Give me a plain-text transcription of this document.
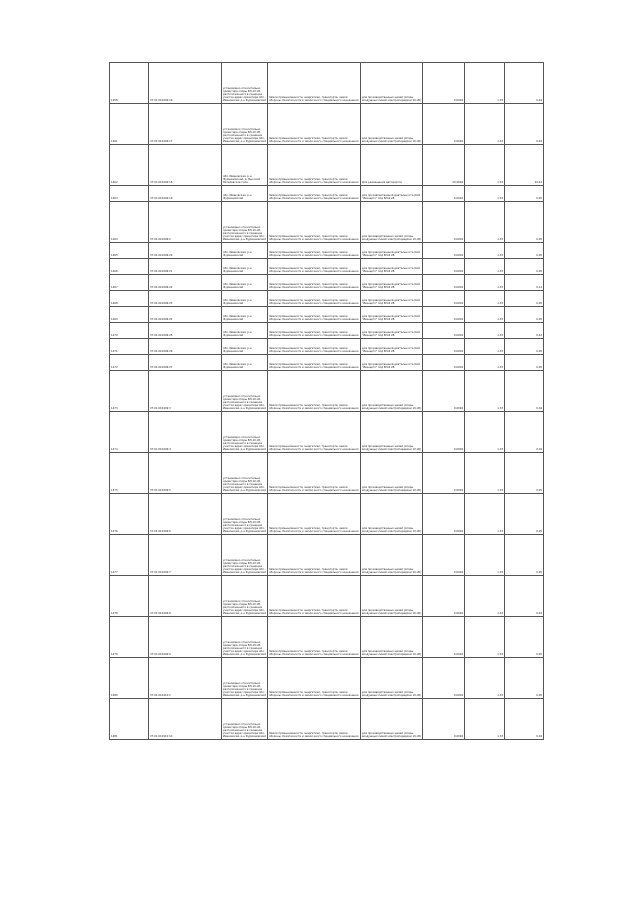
1458	37:01:010409:16	установлено относительно ориентира опоры ВЛ-10 кВ, расположенного в границах участка адрес ориентира обл. Ивановская, р-н Фурмановский	Земли промышленности, энергетики, транспорта, земли обороны, безопасности и земли иного специального назначения	для производственных целей (опоры воздушных линий электропередачи 10 кВ)	0,0004	1,33	0,04
1461	37:01:010409:17	установлено относительно ориентира опоры ВЛ-10 кВ, расположенного в границах участка адрес ориентира обл. Ивановская, р-н Фурмановский	Земли промышленности, энергетики, транспорта, земли обороны, безопасности и земли иного специального назначения	для производственных целей (опоры воздушных линий электропередачи 10 кВ)	0,0004	1,33	0,04
1462	37:01:010409:18	обл. Ивановская, р-н Фурмановский, д. Высокий Яковлевское поле	Земли промышленности, энергетики, транспорта, земли обороны, безопасности и земли иного специального назначения	Для размещения автодороги	20,4694	1,33	20,44
1463	37:01:010409:19	обл. Ивановская, р-н Фурмановский	Земли промышленности, энергетики, транспорта, земли обороны, безопасности и земли иного специального назначения	для производственной деятельности ОАО "Ивэнерго" под ВЛ-6 кВ	0,0004	1,33	0,05
1464	37:01:010409:2	установлено относительно ориентира опоры ВЛ-10 кВ, расположенного в границах участка адрес ориентира обл. Ивановская, р-н Фурмановский	Земли промышленности, энергетики, транспорта, земли обороны, безопасности и земли иного специального назначения	для производственных целей (опоры воздушных линий электропередачи 10 кВ)	0,0004	1,33	0,05
1465	37:01:010409:20	обл. Ивановская, р-н Фурмановский	Земли промышленности, энергетики, транспорта, земли обороны, безопасности и земли иного специального назначения	для производственной деятельности ОАО "Ивэнерго" под ВЛ-6 кВ	0,0004	1,33	0,05
1466	37:01:010409:21	обл. Ивановская, р-н Фурмановский	Земли промышленности, энергетики, транспорта, земли обороны, безопасности и земли иного специального назначения	для производственной деятельности ОАО "Ивэнерго" под ВЛ-6 кВ	0,0004	1,33	0,05
1467	37:01:010409:22	обл. Ивановская, р-н Фурмановский	Земли промышленности, энергетики, транспорта, земли обороны, безопасности и земли иного специального назначения	для производственной деятельности ОАО "Ивэнерго" под ВЛ-6 кВ	0,0004	1,33	0,14
1468	37:01:010409:23	обл. Ивановская, р-н Фурмановский	Земли промышленности, энергетики, транспорта, земли обороны, безопасности и земли иного специального назначения	для производственной деятельности ОАО "Ивэнерго" под ВЛ-6 кВ	0,0004	1,33	0,05
1469	37:01:010409:24	обл. Ивановская, р-н Фурмановский	Земли промышленности, энергетики, транспорта, земли обороны, безопасности и земли иного специального назначения	для производственной деятельности ОАО "Ивэнерго" под ВЛ-6 кВ	0,0004	1,33	0,05
1470	37:01:010409:25	обл. Ивановская, р-н Фурмановский	Земли промышленности, энергетики, транспорта, земли обороны, безопасности и земли иного специального назначения	для производственной деятельности ОАО "Ивэнерго" под ВЛ-6 кВ	0,0004	1,33	0,42
1471	37:01:010409:26	обл. Ивановская, р-н Фурмановский	Земли промышленности, энергетики, транспорта, земли обороны, безопасности и земли иного специального назначения	для производственной деятельности ОАО "Ивэнерго" под ВЛ-6 кВ	0,0004	1,33	0,05
1472	37:01:010409:27	обл. Ивановская, р-н Фурмановский	Земли промышленности, энергетики, транспорта, земли обороны, безопасности и земли иного специального назначения	для производственной деятельности ОАО "Ивэнерго" под ВЛ-6 кВ	0,0004	1,33	0,05
1473	37:01:010409:3	установлено относительно ориентира опоры ВЛ-10 кВ, расположенного в границах участка адрес ориентира обл. Ивановская, р-н Фурмановский	Земли промышленности, энергетики, транспорта, земли обороны, безопасности и земли иного специального назначения	для производственных целей (опоры воздушных линий электропередачи 10 кВ)	0,0004	1,33	0,04
1474	37:01:010409:4	установлено относительно ориентира опоры ВЛ-10 кВ, расположенного в границах участка адрес ориентира обл. Ивановская, р-н Фурмановский	Земли промышленности, энергетики, транспорта, земли обороны, безопасности и земли иного специального назначения	для производственных целей (опоры воздушных линий электропередачи 10 кВ)	0,0004	1,33	0,04
1475	37:01:010409:5	установлено относительно ориентира опоры ВЛ-10 кВ, расположенного в границах участка адрес ориентира обл. Ивановская, р-н Фурмановский	Земли промышленности, энергетики, транспорта, земли обороны, безопасности и земли иного специального назначения	для производственных целей (опоры воздушных линий электропередачи 10 кВ)	0,0004	1,33	0,05
1476	37:01:010409:6	установлено относительно ориентира опоры ВЛ-10 кВ, расположенного в границах участка адрес ориентира обл. Ивановская, р-н Фурмановский	Земли промышленности, энергетики, транспорта, земли обороны, безопасности и земли иного специального назначения	для производственных целей (опоры воздушных линий электропередачи 10 кВ)	0,0004	1,33	0,05
1477	37:01:010409:7	установлено относительно ориентира опоры ВЛ-10 кВ, расположенного в границах участка адрес ориентира обл. Ивановская, р-н Фурмановский	Земли промышленности, энергетики, транспорта, земли обороны, безопасности и земли иного специального назначения	для производственных целей (опоры воздушных линий электропередачи 10 кВ)	0,0004	1,33	0,05
1478	37:01:010409:8	установлено относительно ориентира опоры ВЛ-10 кВ, расположенного в границах участка адрес ориентира обл. Ивановская, р-н Фурмановский	Земли промышленности, энергетики, транспорта, земли обороны, безопасности и земли иного специального назначения	для производственных целей (опоры воздушных линий электропередачи 10 кВ)	0,0004	1,33	0,04
1479	37:01:010409:9	установлено относительно ориентира опоры ВЛ-10 кВ, расположенного в границах участка адрес ориентира обл. Ивановская, р-н Фурмановский	Земли промышленности, энергетики, транспорта, земли обороны, безопасности и земли иного специального назначения	для производственных целей (опоры воздушных линий электропередачи 10 кВ)	0,0004	1,33	0,05
1480	37:01:010410:1	установлено относительно ориентира опоры ВЛ-10 кВ, расположенного в границах участка адрес ориентира обл. Ивановская, р-н Фурмановский	Земли промышленности, энергетики, транспорта, земли обороны, безопасности и земли иного специального назначения	для производственных целей (опоры воздушных линий электропередачи 10 кВ)	0,0004	1,33	0,05
1481	37:01:010410:10	установлено относительно ориентира опоры ВЛ-10 кВ, расположенного в границах участка адрес ориентира обл. Ивановская, р-н Фурмановский	Земли промышленности, энергетики, транспорта, земли обороны, безопасности и земли иного специального назначения	для производственных целей (опоры воздушных линий электропередачи 10 кВ)	0,0004	1,33	0,04
